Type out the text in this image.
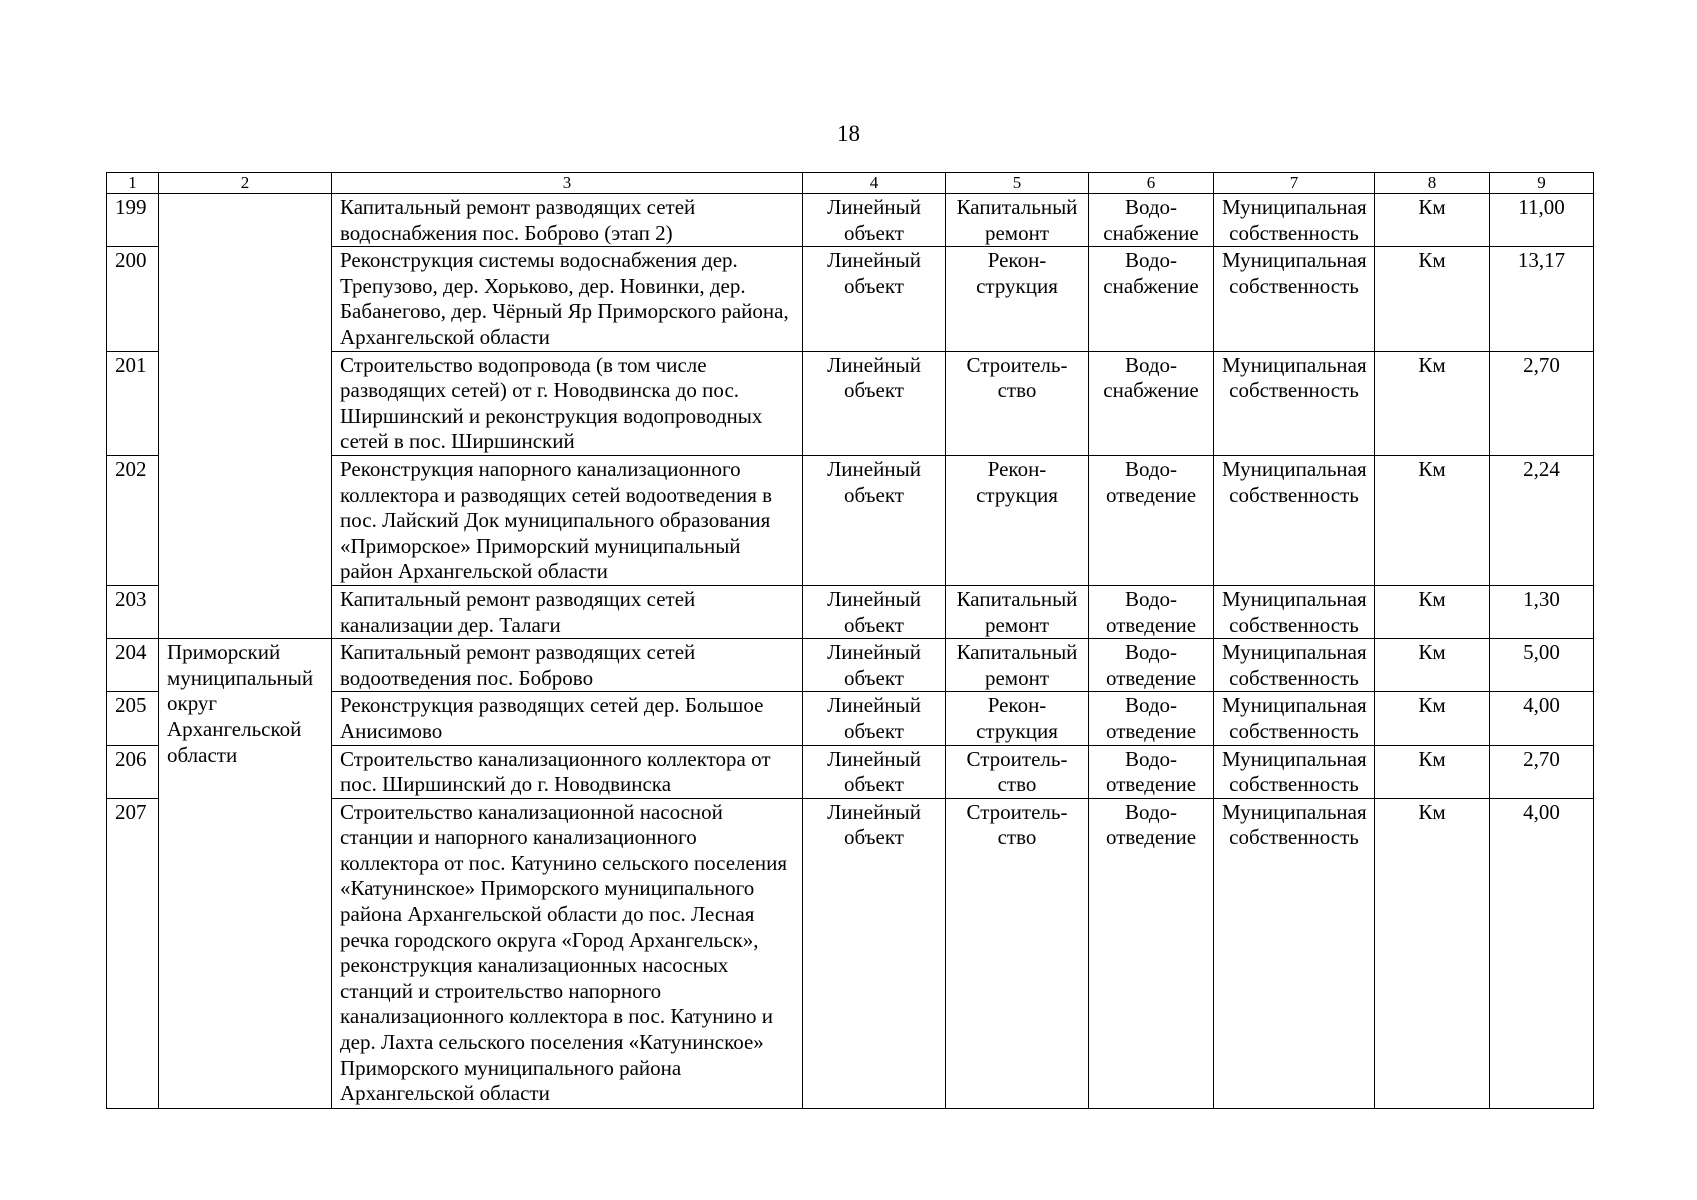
18
1	2	3	4	5	6	7	8	9
199		Капитальный ремонт разводящих сетей водоснабжения пос. Боброво (этап 2)	Линейный объект	Капитальный ремонт	Водо-снабжение	Муниципальная собственность	Км	11,00
200		Реконструкция системы водоснабжения дер. Трепузово, дер. Хорьково, дер. Новинки, дер. Бабанегово, дер. Чёрный Яр Приморского района, Архангельской области	Линейный объект	Рекон-струкция	Водо-снабжение	Муниципальная собственность	Км	13,17
201		Строительство водопровода (в том числе разводящих сетей) от г. Новодвинска до пос. Ширшинский и реконструкция водопроводных сетей в пос. Ширшинский	Линейный объект	Строитель-ство	Водо-снабжение	Муниципальная собственность	Км	2,70
202		Реконструкция напорного канализационного коллектора и разводящих сетей водоотведения в пос. Лайский Док муниципального образования «Приморское» Приморский муниципальный район Архангельской области	Линейный объект	Рекон-струкция	Водо-отведение	Муниципальная собственность	Км	2,24
203		Капитальный ремонт разводящих сетей канализации дер. Талаги	Линейный объект	Капитальный ремонт	Водо-отведение	Муниципальная собственность	Км	1,30
204	Приморский муниципальный округ Архангельской области	Капитальный ремонт разводящих сетей водоотведения пос. Боброво	Линейный объект	Капитальный ремонт	Водо-отведение	Муниципальная собственность	Км	5,00
205		Реконструкция разводящих сетей дер. Большое Анисимово	Линейный объект	Рекон-струкция	Водо-отведение	Муниципальная собственность	Км	4,00
206		Строительство канализационного коллектора от пос. Ширшинский до г. Новодвинска	Линейный объект	Строитель-ство	Водо-отведение	Муниципальная собственность	Км	2,70
207		Строительство канализационной насосной станции и напорного канализационного коллектора от пос. Катунино сельского поселения «Катунинское» Приморского муниципального района Архангельской области до пос. Лесная речка городского округа «Город Архангельск», реконструкция канализационных насосных станций и строительство напорного канализационного коллектора в пос. Катунино и дер. Лахта сельского поселения «Катунинское» Приморского муниципального района Архангельской области	Линейный объект	Строитель-ство	Водо-отведение	Муниципальная собственность	Км	4,00
